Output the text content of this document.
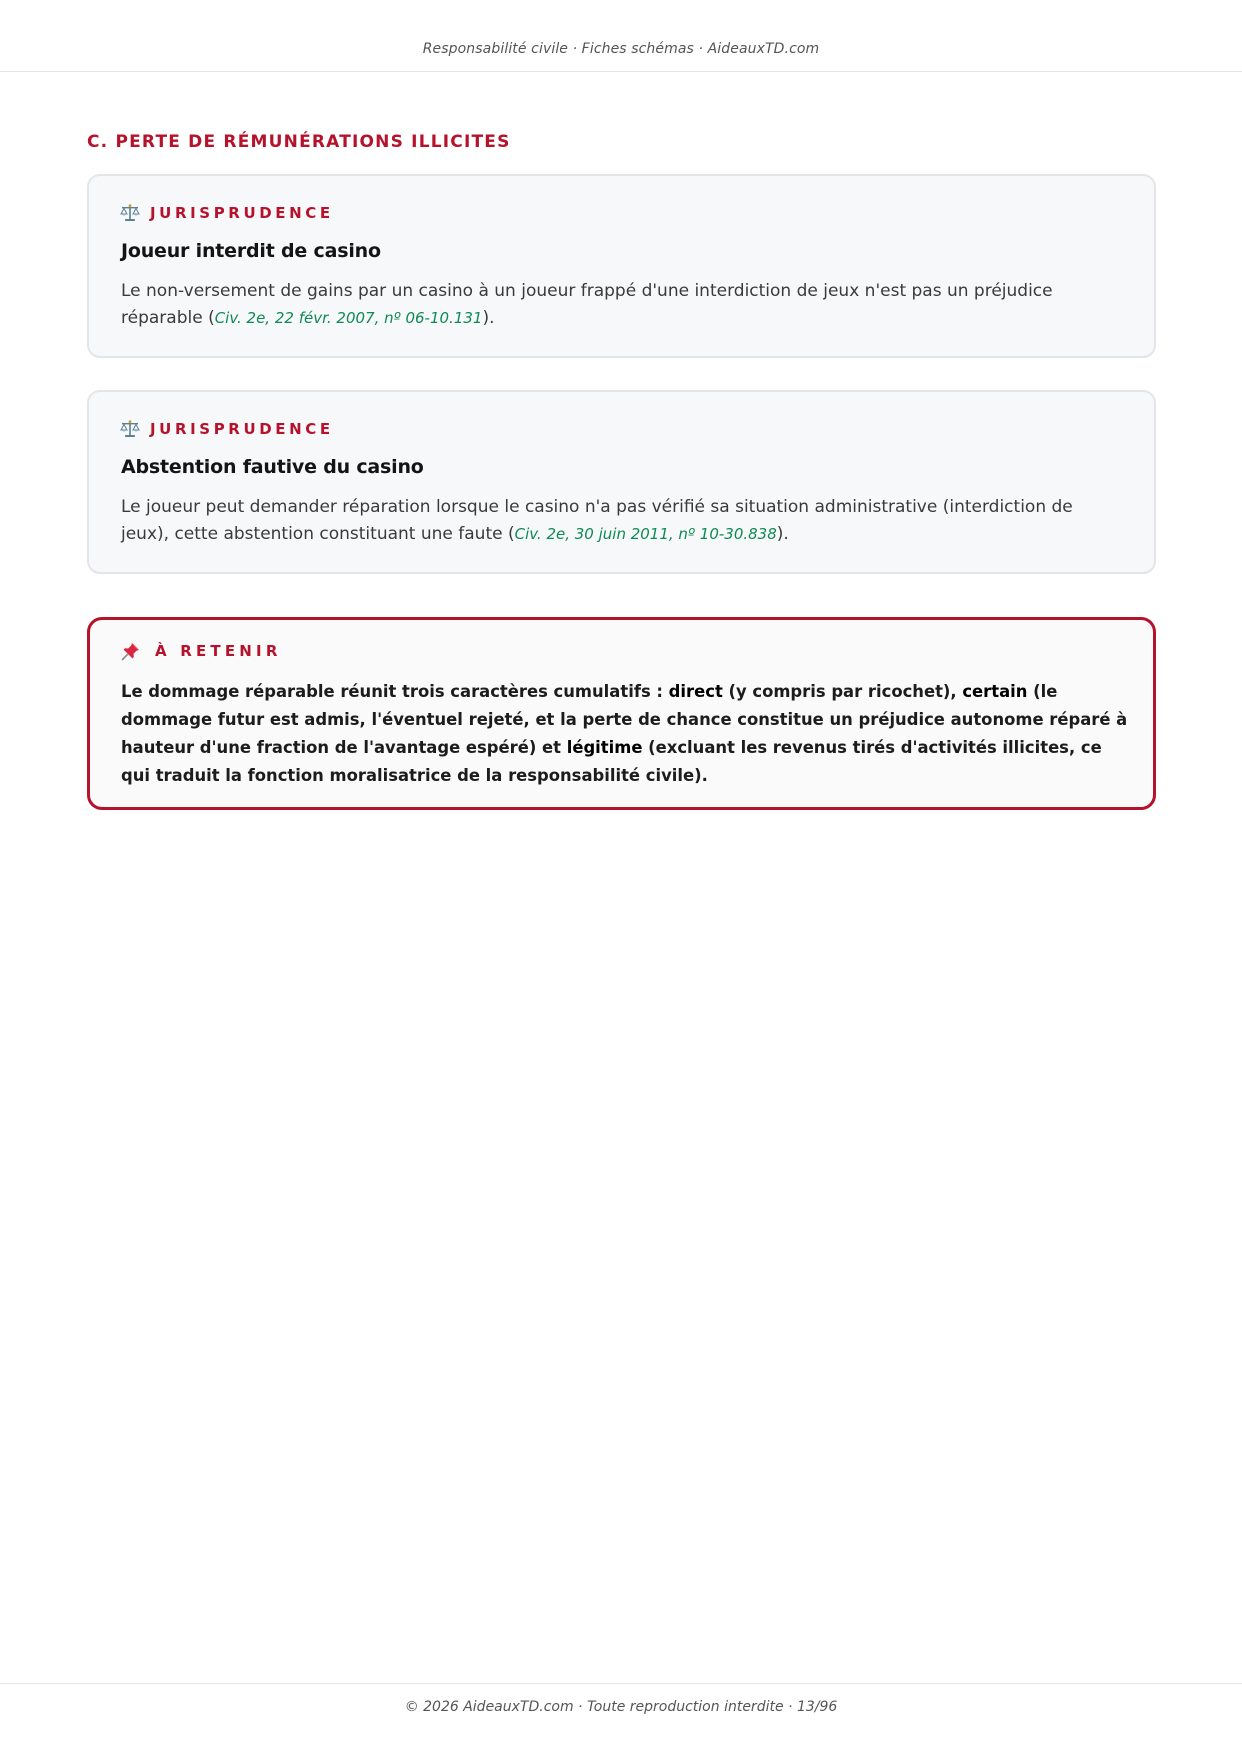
Responsabilité civile · Fiches schémas · AideauxTD.com
C. PERTE DE RÉMUNÉRATIONS ILLICITES
JURISPRUDENCE
Joueur interdit de casino

Le non-versement de gains par un casino à un joueur frappé d'une interdiction de jeux n'est pas un préjudice réparable (Civ. 2e, 22 févr. 2007, nº 06-10.131).

JURISPRUDENCE
Abstention fautive du casino

Le joueur peut demander réparation lorsque le casino n'a pas vérifié sa situation administrative (interdiction de jeux), cette abstention constituant une faute (Civ. 2e, 30 juin 2011, nº 10-30.838).

À RETENIR

Le dommage réparable réunit trois caractères cumulatifs : direct (y compris par ricochet), certain (le dommage futur est admis, l'éventuel rejeté, et la perte de chance constitue un préjudice autonome réparé à hauteur d'une fraction de l'avantage espéré) et légitime (excluant les revenus tirés d'activités illicites, ce qui traduit la fonction moralisatrice de la responsabilité civile).

© 2026 AideauxTD.com · Toute reproduction interdite · 13/96
